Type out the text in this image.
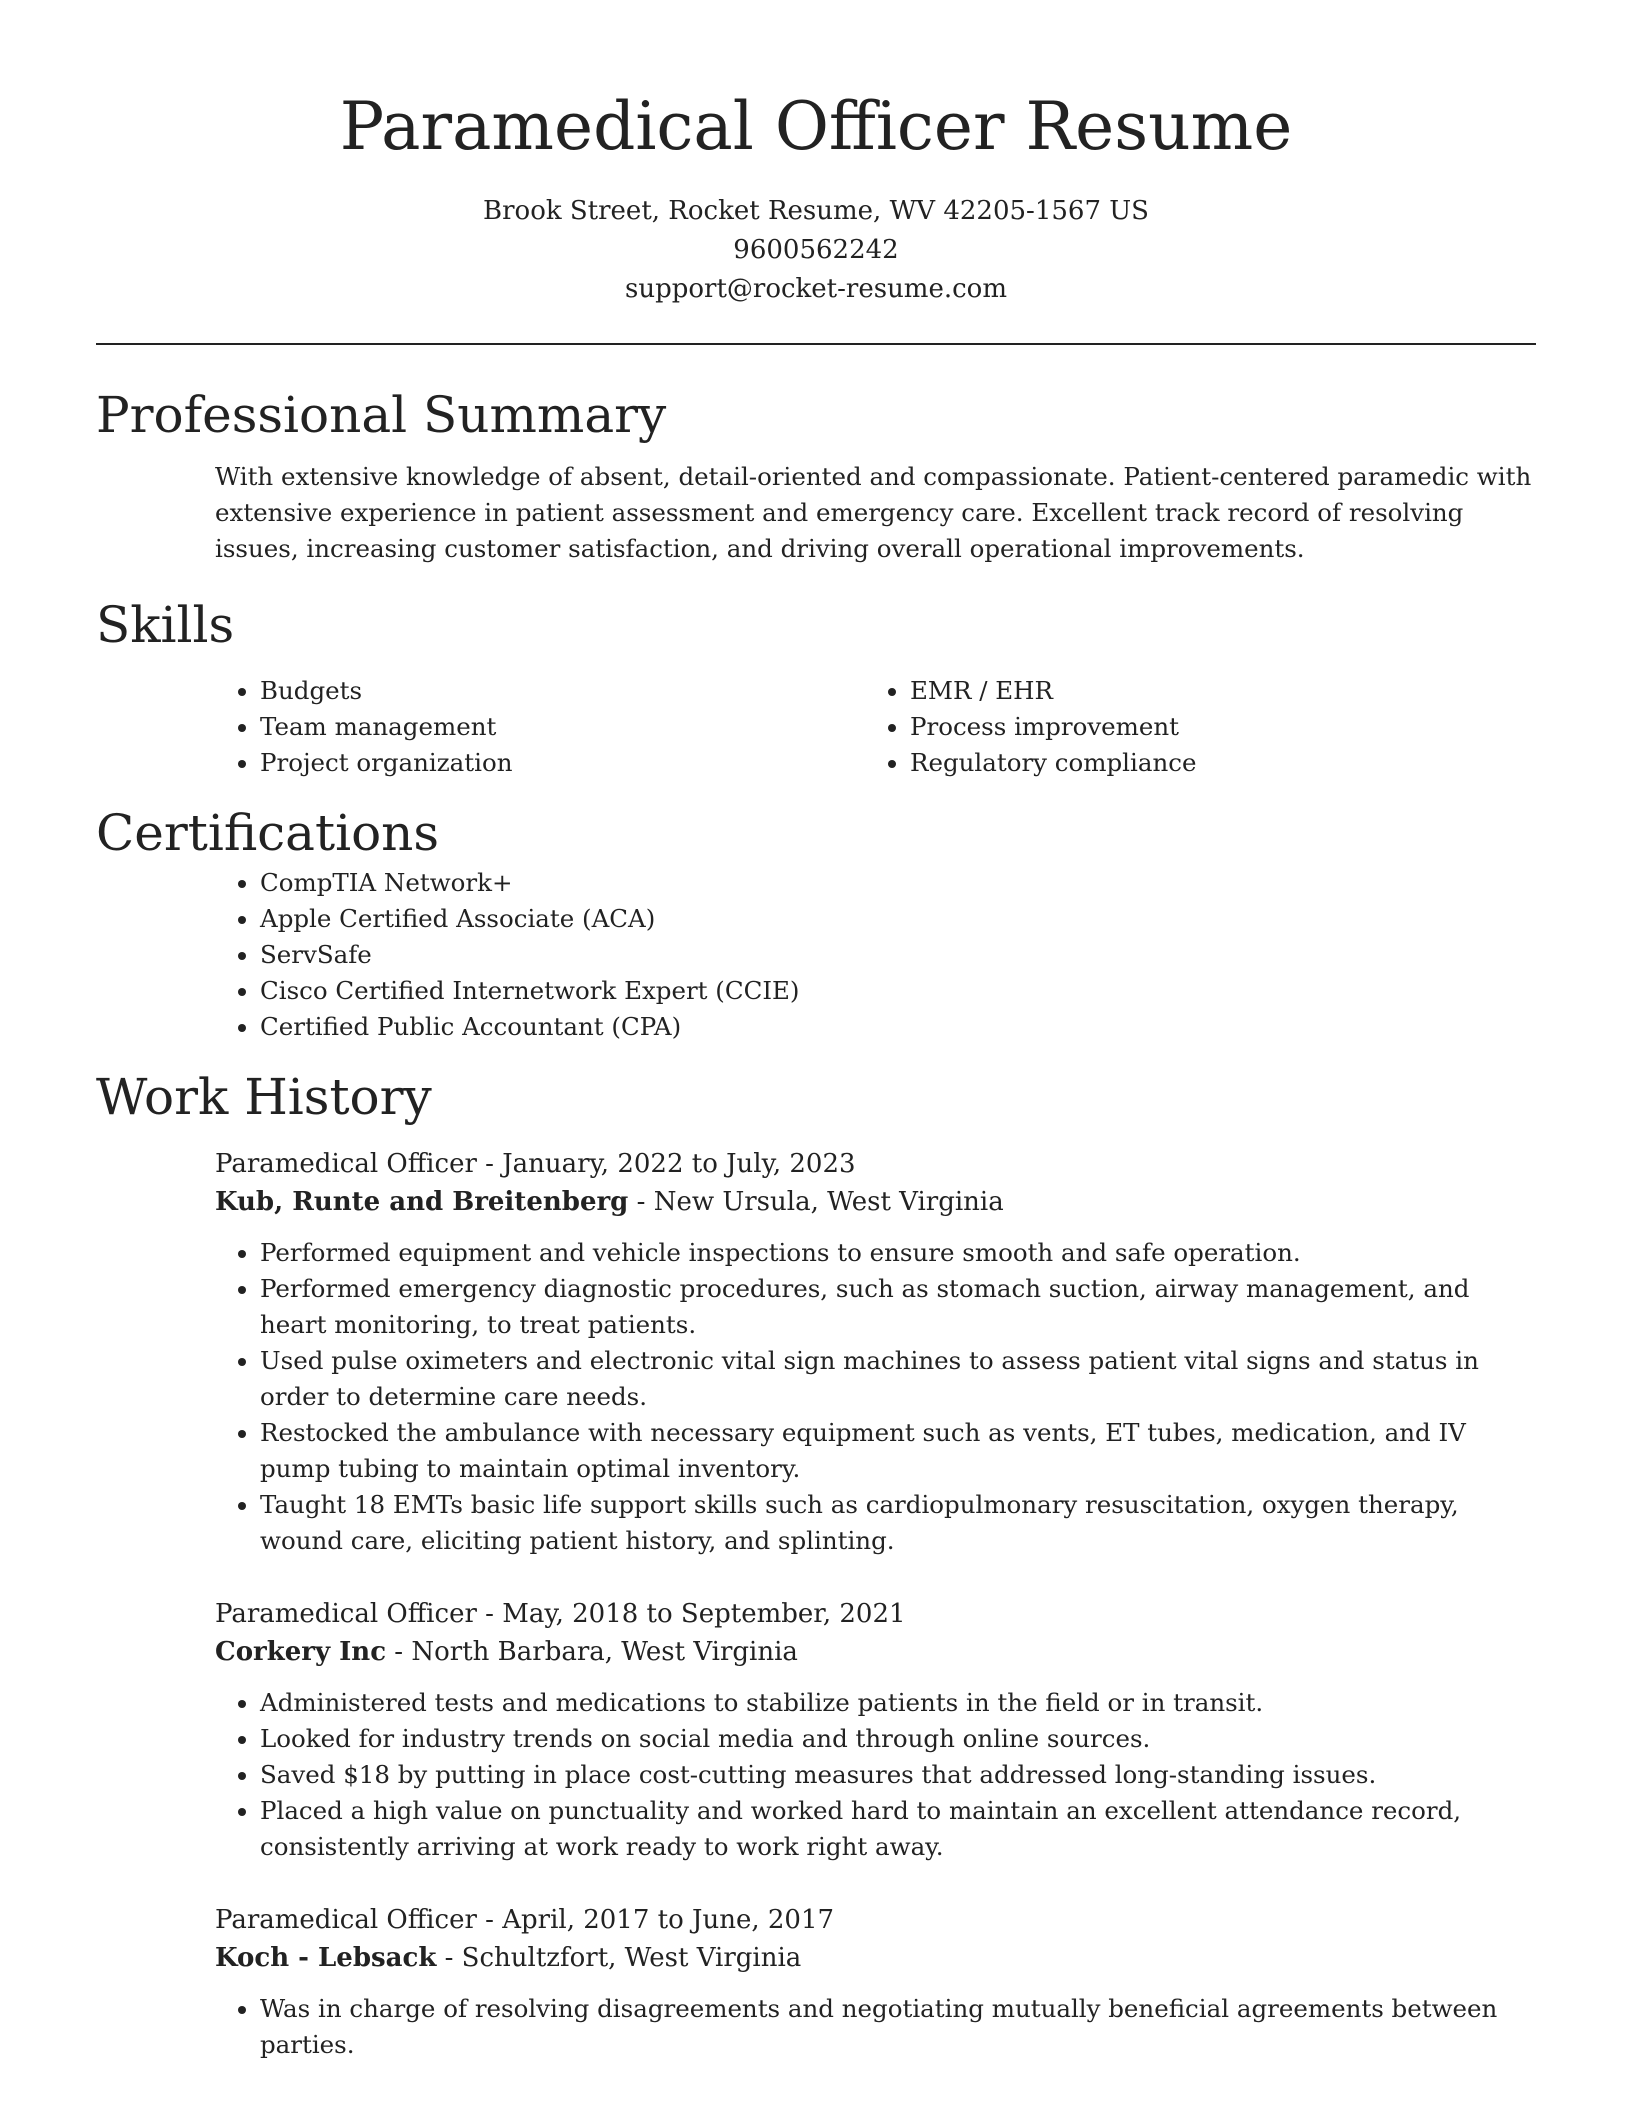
Paramedical Officer Resume
Brook Street, Rocket Resume, WV 42205-1567 US
9600562242
support@rocket-resume.com
Professional Summary

With extensive knowledge of absent, detail-oriented and compassionate. Patient-centered paramedic with extensive experience in patient assessment and emergency care. Excellent track record of resolving issues, increasing customer satisfaction, and driving overall operational improvements.

Skills
• Budgets
• Team management
• Project organization
• EMR / EHR
• Process improvement
• Regulatory compliance
Certifications
• CompTIA Network+
• Apple Certified Associate (ACA)
• ServSafe
• Cisco Certified Internetwork Expert (CCIE)
• Certified Public Accountant (CPA)
Work History
Paramedical Officer - January, 2022 to July, 2023
Kub, Runte and Breitenberg - New Ursula, West Virginia
• Performed equipment and vehicle inspections to ensure smooth and safe operation.
• Performed emergency diagnostic procedures, such as stomach suction, airway management, and heart monitoring, to treat patients.
• Used pulse oximeters and electronic vital sign machines to assess patient vital signs and status in order to determine care needs.
• Restocked the ambulance with necessary equipment such as vents, ET tubes, medication, and IV pump tubing to maintain optimal inventory.
• Taught 18 EMTs basic life support skills such as cardiopulmonary resuscitation, oxygen therapy, wound care, eliciting patient history, and splinting.
Paramedical Officer - May, 2018 to September, 2021
Corkery Inc - North Barbara, West Virginia
• Administered tests and medications to stabilize patients in the field or in transit.
• Looked for industry trends on social media and through online sources.
• Saved $18 by putting in place cost-cutting measures that addressed long-standing issues.
• Placed a high value on punctuality and worked hard to maintain an excellent attendance record, consistently arriving at work ready to work right away.
Paramedical Officer - April, 2017 to June, 2017
Koch - Lebsack - Schultzfort, West Virginia
• Was in charge of resolving disagreements and negotiating mutually beneficial agreements between parties.
